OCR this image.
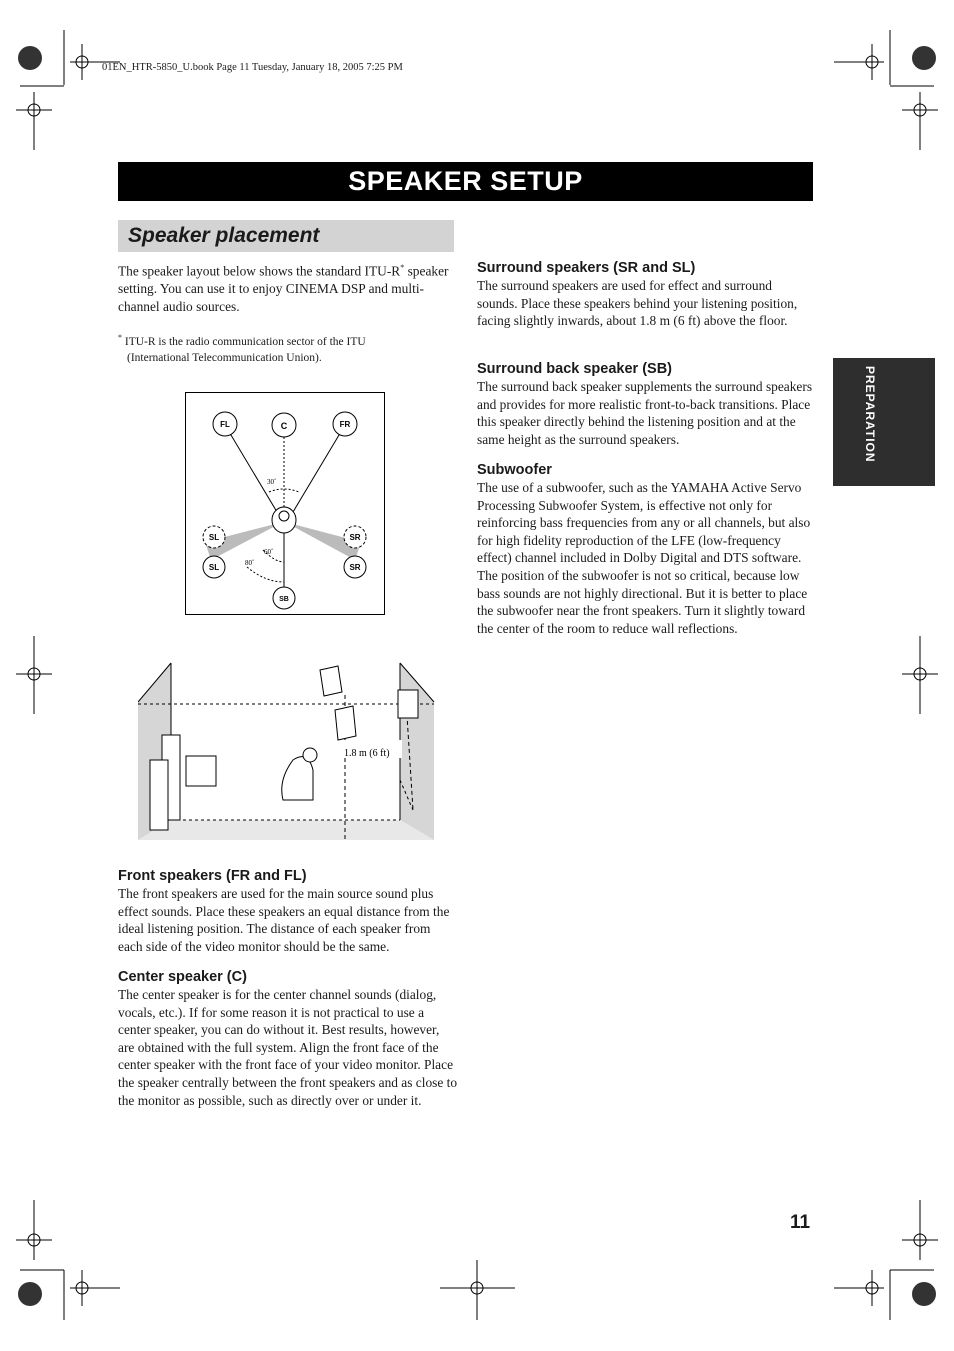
01EN_HTR-5850_U.book Page 11 Tuesday, January 18, 2005 7:25 PM
SPEAKER SETUP
Speaker placement
The speaker layout below shows the standard ITU-R* speaker setting. You can use it to enjoy CINEMA DSP and multi-channel audio sources.
* ITU-R is the radio communication sector of the ITU (International Telecommunication Union).
FL	C	FR
SL	SR
SL	SR
SB
30˚
60˚
80˚
1.8 m (6 ft)
Front speakers (FR and FL)

The front speakers are used for the main source sound plus effect sounds. Place these speakers an equal distance from the ideal listening position. The distance of each speaker from each side of the video monitor should be the same.

Center speaker (C)

The center speaker is for the center channel sounds (dialog, vocals, etc.). If for some reason it is not practical to use a center speaker, you can do without it. Best results, however, are obtained with the full system. Align the front face of the center speaker with the front face of your video monitor. Place the speaker centrally between the front speakers and as close to the monitor as possible, such as directly over or under it.

Surround speakers (SR and SL)

The surround speakers are used for effect and surround sounds. Place these speakers behind your listening position, facing slightly inwards, about 1.8 m (6 ft) above the floor.

Surround back speaker (SB)

The surround back speaker supplements the surround speakers and provides for more realistic front-to-back transitions. Place this speaker directly behind the listening position and at the same height as the surround speakers.

Subwoofer

The use of a subwoofer, such as the YAMAHA Active Servo Processing Subwoofer System, is effective not only for reinforcing bass frequencies from any or all channels, but also for high fidelity reproduction of the LFE (low-frequency effect) channel included in Dolby Digital and DTS software. The position of the subwoofer is not so critical, because low bass sounds are not highly directional. But it is better to place the subwoofer near the front speakers. Turn it slightly toward the center of the room to reduce wall reflections.

PREPARATION
11
